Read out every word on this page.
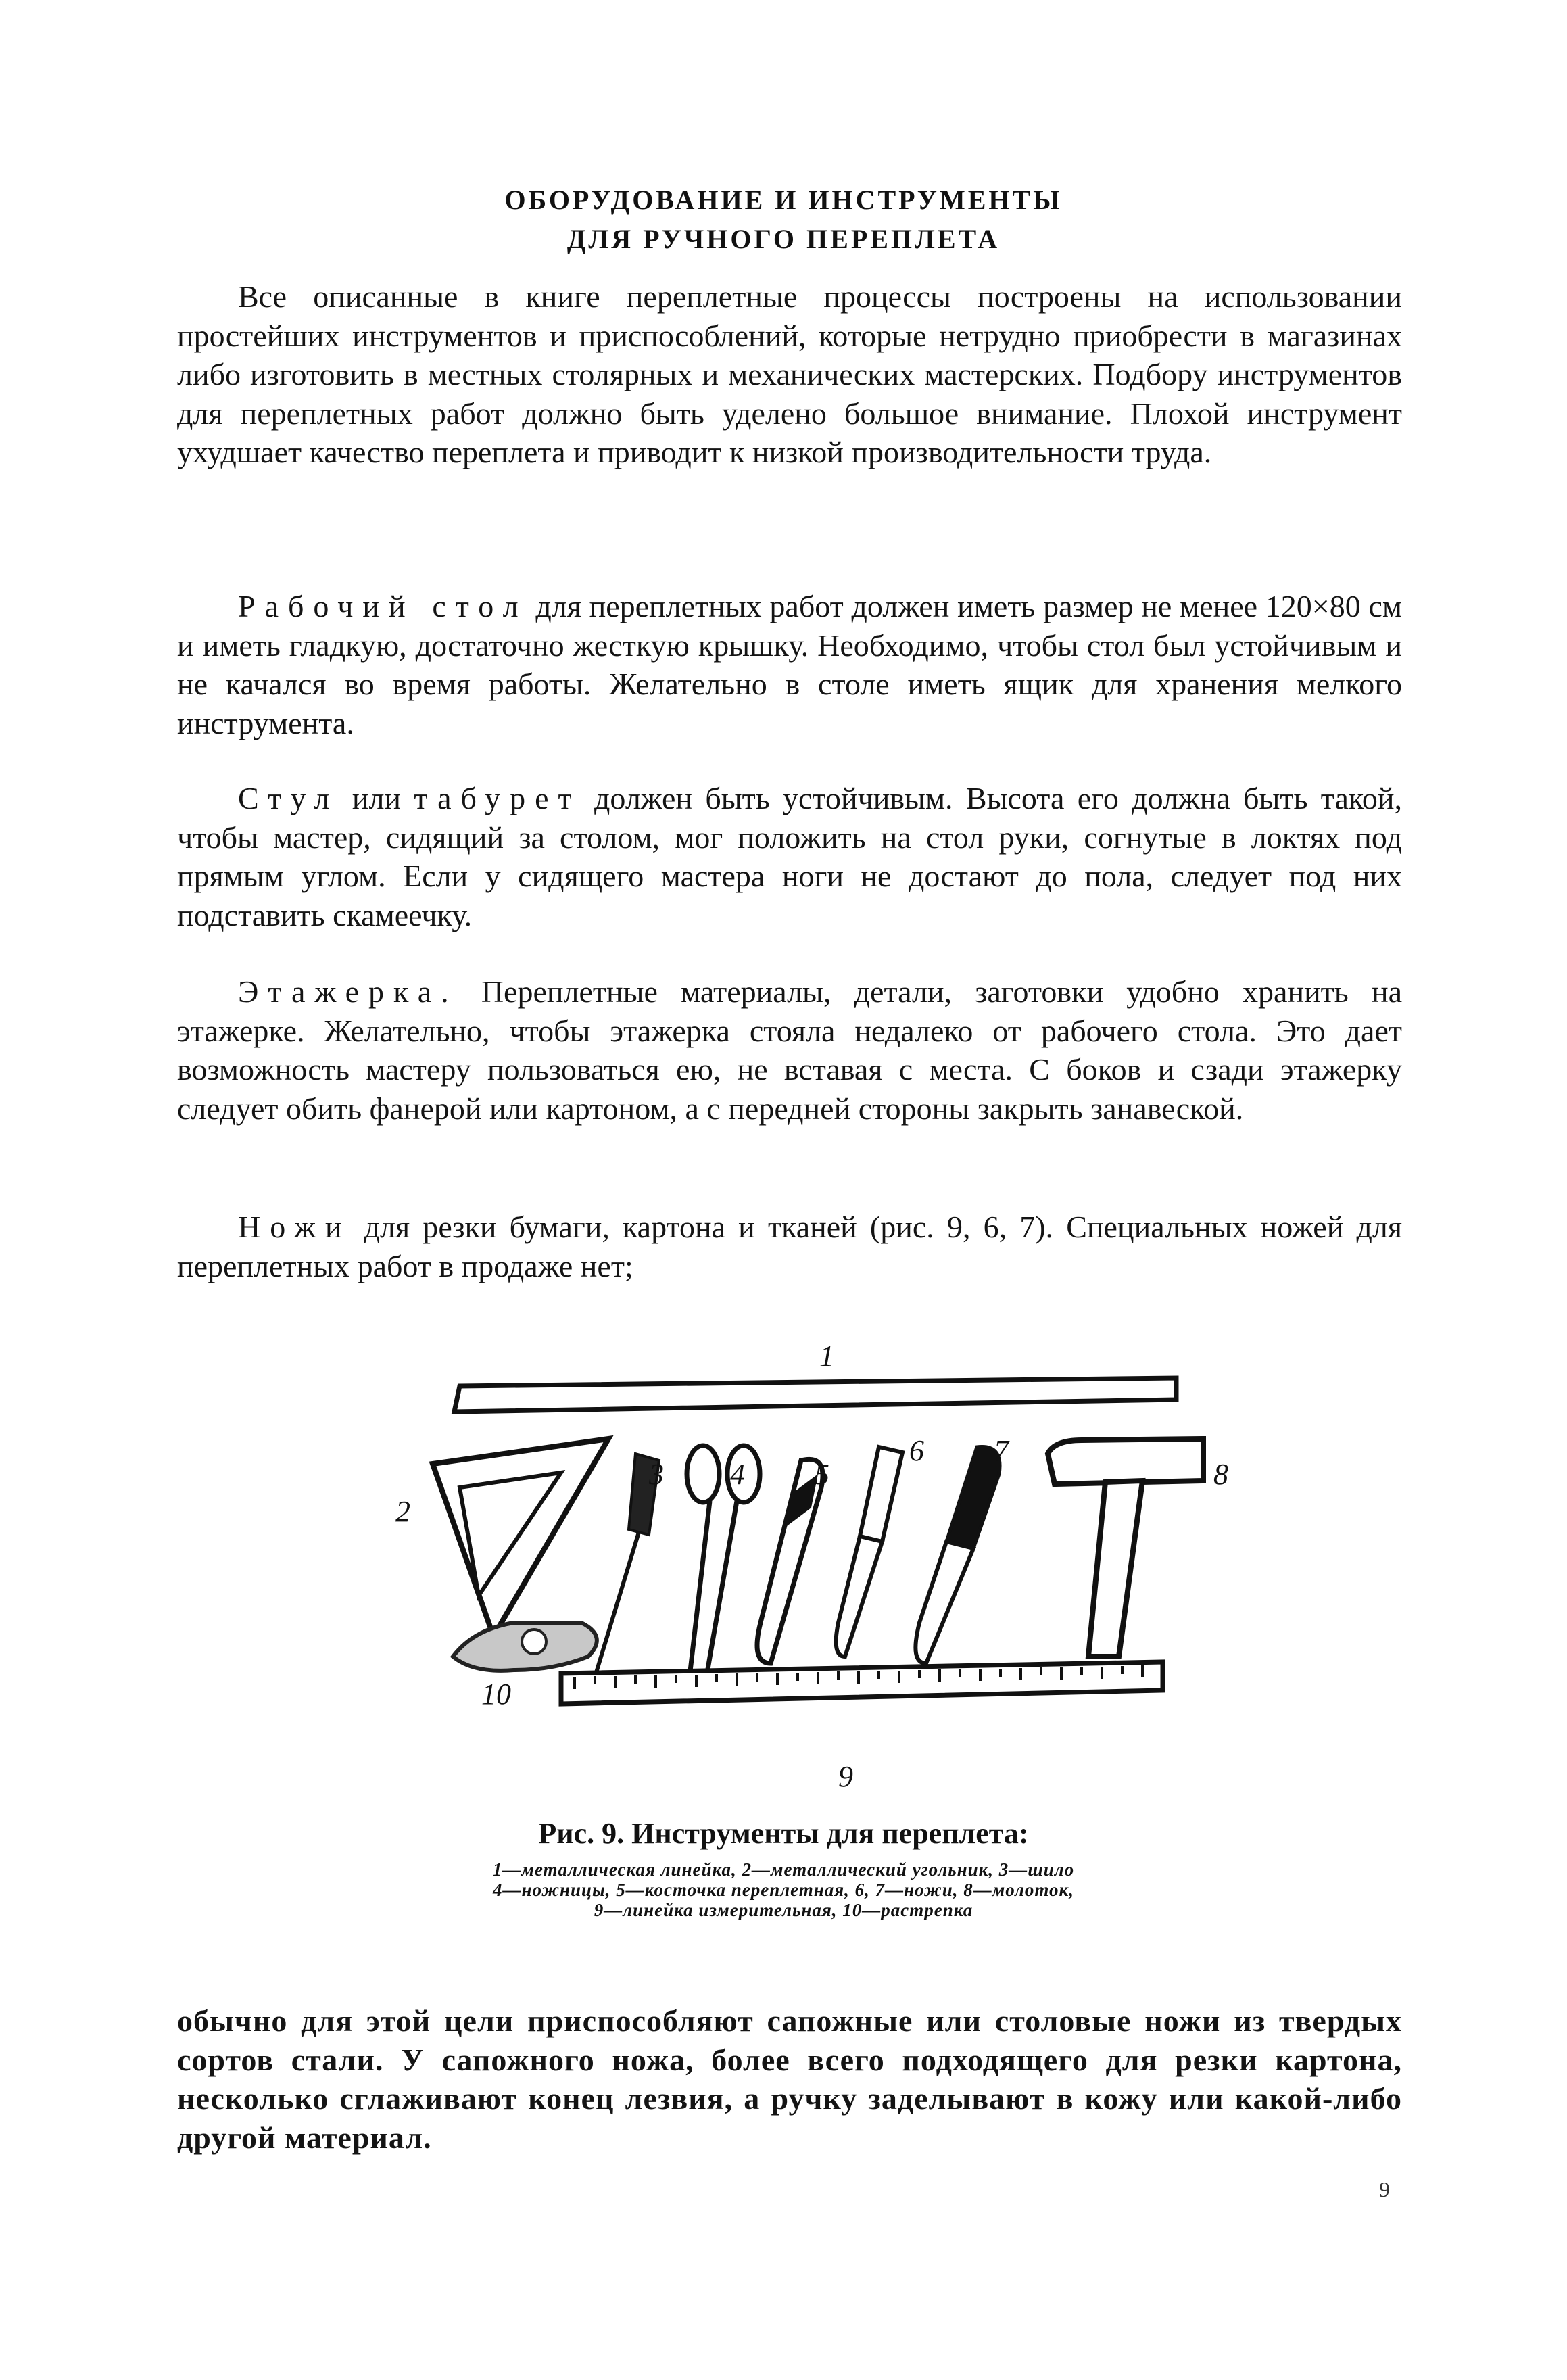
ОБОРУДОВАНИЕ И ИНСТРУМЕНТЫ
ДЛЯ РУЧНОГО ПЕРЕПЛЕТА
Все описанные в книге переплетные процессы построены на использовании простейших инструментов и приспособлений, которые нетрудно приобрести в магазинах либо изготовить в местных столярных и механических мастерских. Подбору инструментов для переплетных работ должно быть уделено большое внимание. Плохой инструмент ухудшает качество переплета и приводит к низкой производительности труда.
Рабочий стол для переплетных работ должен иметь размер не менее 120×80 см и иметь гладкую, достаточно жесткую крышку. Необходимо, чтобы стол был устойчивым и не качался во время работы. Желательно в столе иметь ящик для хранения мелкого инструмента.
Стул или табурет должен быть устойчивым. Высота его должна быть такой, чтобы мастер, сидящий за столом, мог положить на стол руки, согнутые в локтях под прямым углом. Если у сидящего мастера ноги не достают до пола, следует под них подставить скамеечку.
Этажерка. Переплетные материалы, детали, заготовки удобно хранить на этажерке. Желательно, чтобы этажерка стояла недалеко от рабочего стола. Это дает возможность мастеру пользоваться ею, не вставая с места. С боков и сзади этажерку следует обить фанерой или картоном, а с передней стороны закрыть занавеской.
Ножи для резки бумаги, картона и тканей (рис. 9, 6, 7). Специальных ножей для переплетных работ в продаже нет;
1
2
3 4 5
6 7
8
9
10
Рис. 9. Инструменты для переплета:
1—металлическая линейка, 2—металлический угольник, 3—шило
4—ножницы, 5—косточка переплетная, 6, 7—ножи, 8—молоток,
9—линейка измерительная, 10—растрепка
обычно для этой цели приспособляют сапожные или столовые ножи из твердых сортов стали. У сапожного ножа, более всего подходящего для резки картона, несколько сглаживают конец лезвия, а ручку заделывают в кожу или какой-либо другой материал.
9
